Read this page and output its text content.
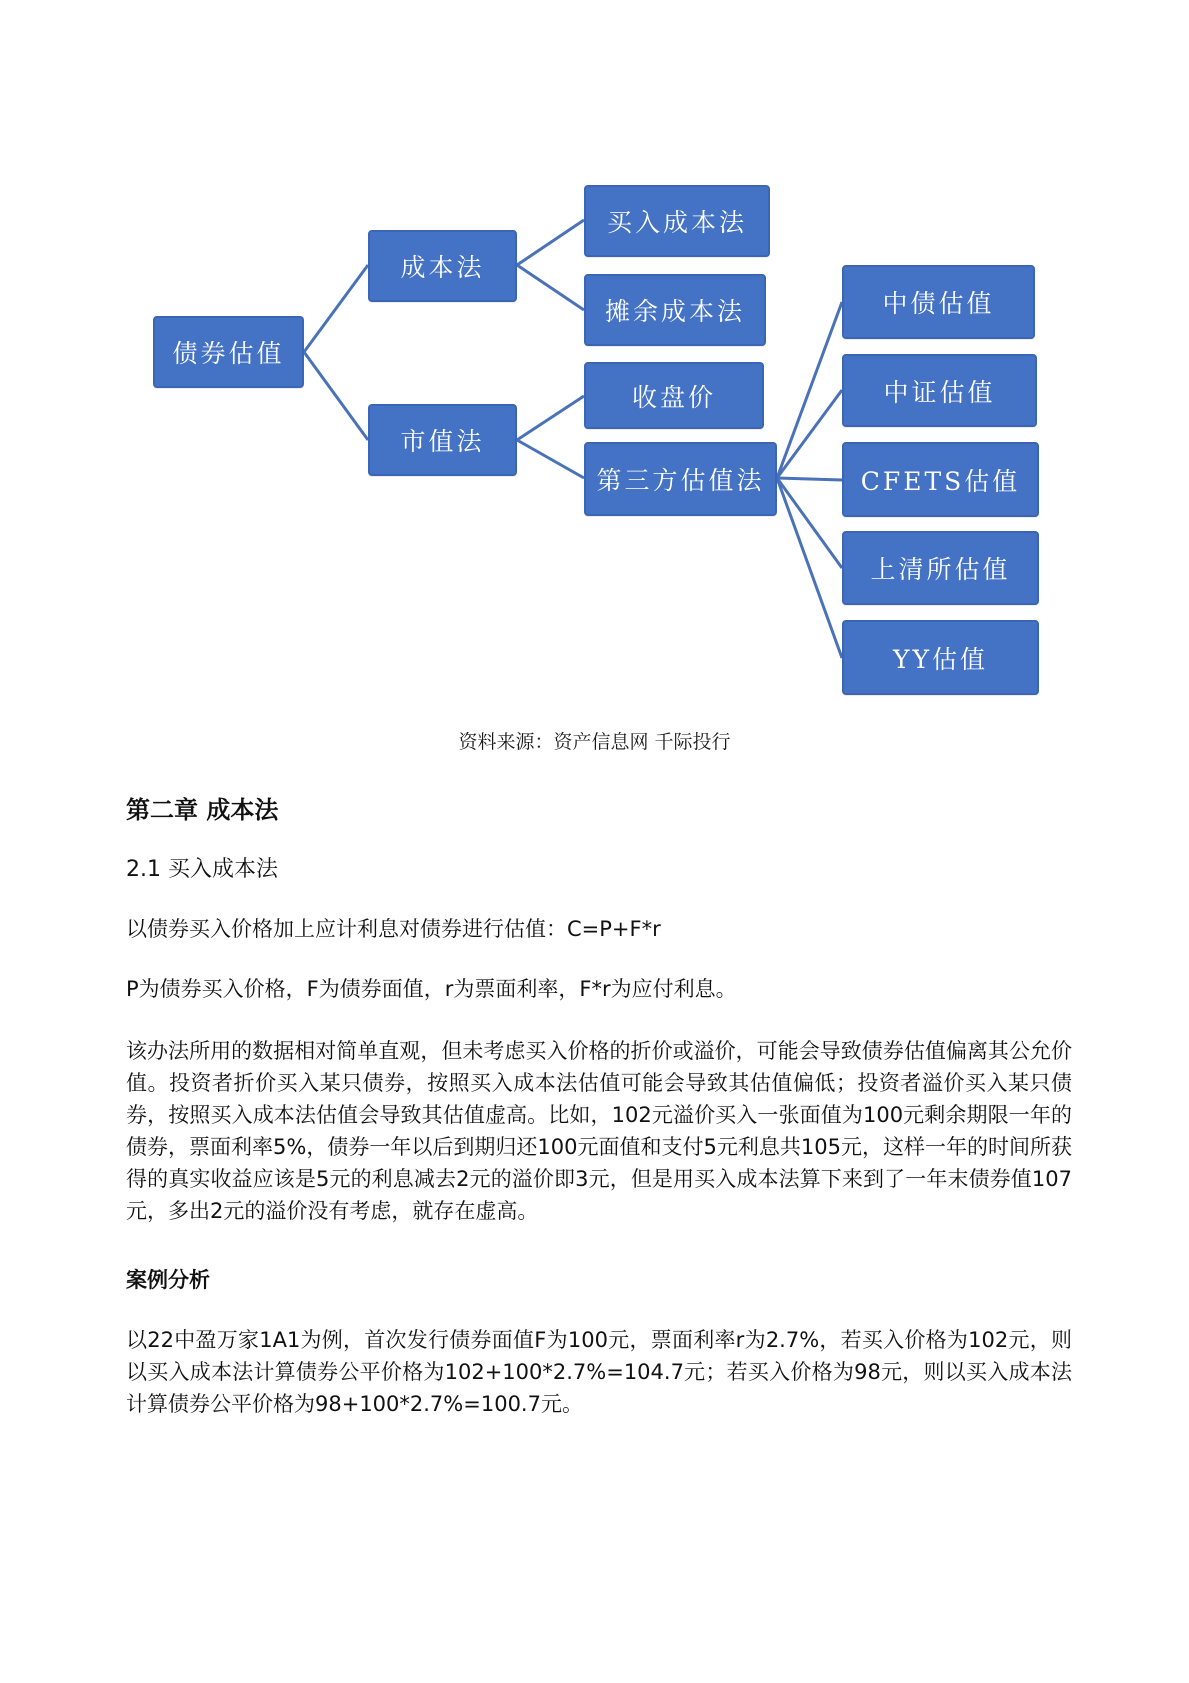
债券估值
成本法
市值法
买入成本法
摊余成本法
收盘价
第三方估值法
中债估值
中证估值
CFETS估值
上清所估值
YY估值
资料来源：资产信息网 千际投行
第二章 成本法
2.1 买入成本法
以债券买入价格加上应计利息对债券进行估值：C=P+F*r
P为债券买入价格，F为债券面值，r为票面利率，F*r为应付利息。
该办法所用的数据相对简单直观，但未考虑买入价格的折价或溢价，可能会导致债券估值偏离其公允价值。投资者折价买入某只债券，按照买入成本法估值可能会导致其估值偏低；投资者溢价买入某只债券，按照买入成本法估值会导致其估值虚高。比如，102元溢价买入一张面值为100元剩余期限一年的债券，票面利率5%，债券一年以后到期归还100元面值和支付5元利息共105元，这样一年的时间所获得的真实收益应该是5元的利息减去2元的溢价即3元，但是用买入成本法算下来到了一年末债券值107元，多出2元的溢价没有考虑，就存在虚高。
案例分析
以22中盈万家1A1为例，首次发行债券面值F为100元，票面利率r为2.7%，若买入价格为102元，则以买入成本法计算债券公平价格为102+100*2.7%=104.7元；若买入价格为98元，则以买入成本法计算债券公平价格为98+100*2.7%=100.7元。
